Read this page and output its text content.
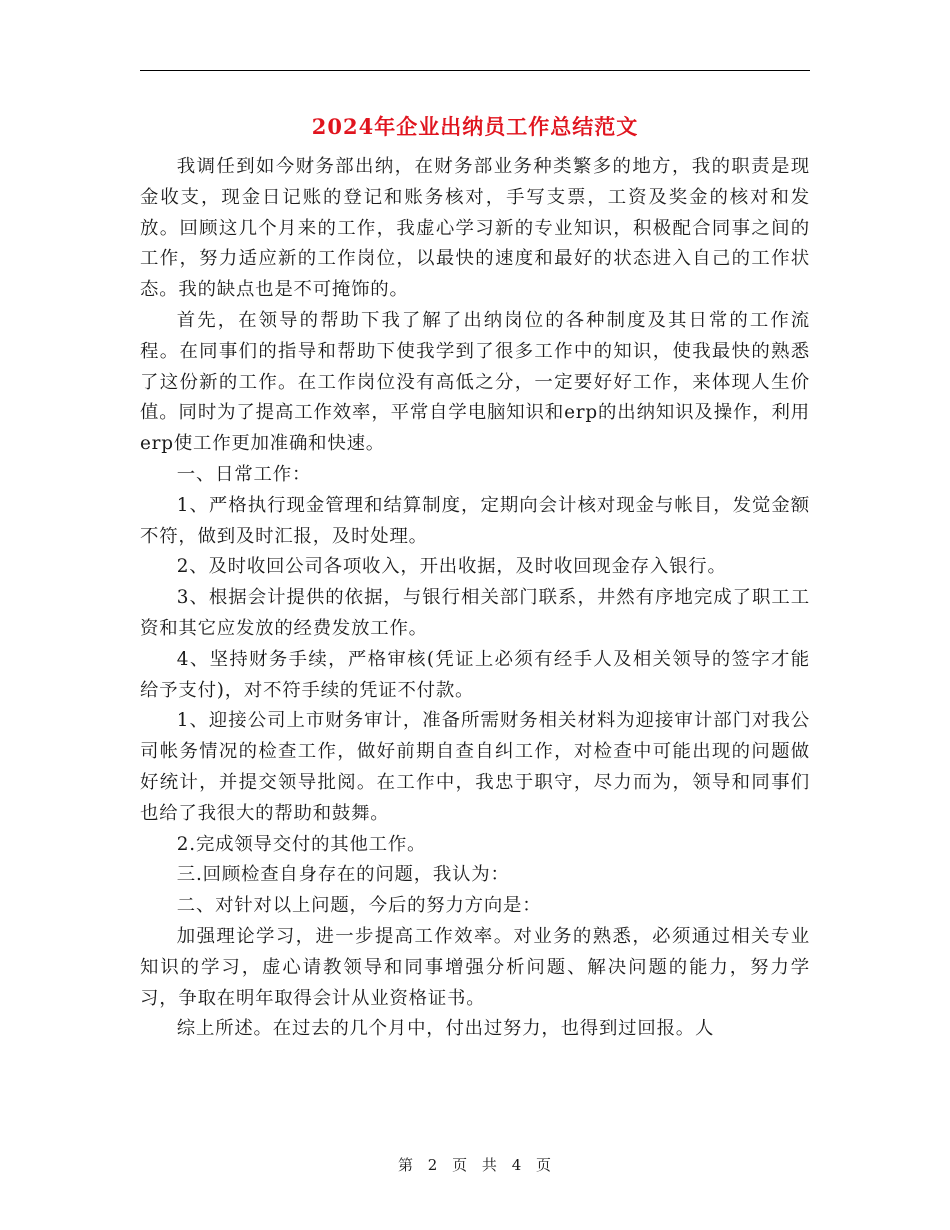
2024年企业出纳员工作总结范文

我调任到如今财务部出纳，在财务部业务种类繁多的地方，我的职责是现金收支，现金日记账的登记和账务核对，手写支票，工资及奖金的核对和发放。回顾这几个月来的工作，我虚心学习新的专业知识，积极配合同事之间的工作，努力适应新的工作岗位，以最快的速度和最好的状态进入自己的工作状态。我的缺点也是不可掩饰的。

首先，在领导的帮助下我了解了出纳岗位的各种制度及其日常的工作流程。在同事们的指导和帮助下使我学到了很多工作中的知识，使我最快的熟悉了这份新的工作。在工作岗位没有高低之分，一定要好好工作，来体现人生价值。同时为了提高工作效率，平常自学电脑知识和erp的出纳知识及操作，利用erp使工作更加准确和快速。

一、日常工作：

1、严格执行现金管理和结算制度，定期向会计核对现金与帐目，发觉金额不符，做到及时汇报，及时处理。

2、及时收回公司各项收入，开出收据，及时收回现金存入银行。

3、根据会计提供的依据，与银行相关部门联系，井然有序地完成了职工工资和其它应发放的经费发放工作。

4、坚持财务手续，严格审核(凭证上必须有经手人及相关领导的签字才能给予支付)，对不符手续的凭证不付款。

1、迎接公司上市财务审计，准备所需财务相关材料为迎接审计部门对我公司帐务情况的检查工作，做好前期自查自纠工作，对检查中可能出现的问题做好统计，并提交领导批阅。在工作中，我忠于职守，尽力而为，领导和同事们也给了我很大的帮助和鼓舞。

2.完成领导交付的其他工作。

三.回顾检查自身存在的问题，我认为：

二、对针对以上问题，今后的努力方向是：

加强理论学习，进一步提高工作效率。对业务的熟悉，必须通过相关专业知识的学习，虚心请教领导和同事增强分析问题、解决问题的能力，努力学习，争取在明年取得会计从业资格证书。

综上所述。在过去的几个月中，付出过努力，也得到过回报。人

第 2 页 共 4 页
